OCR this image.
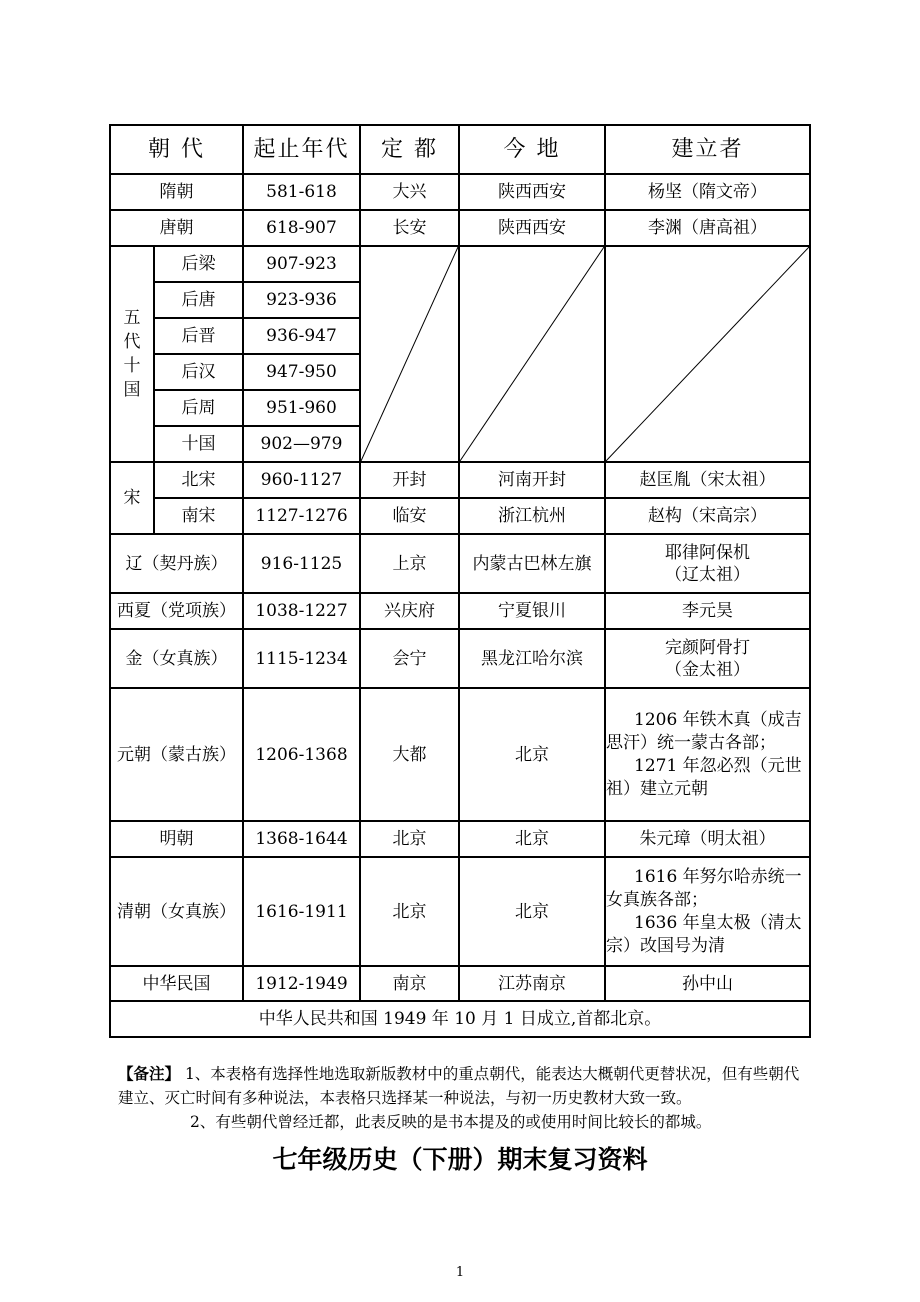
朝 代		起止年代	定 都	今 地	建立者
隋朝		581-618	大兴	陕西西安	杨坚（隋文帝）
唐朝		618-907	长安	陕西西安	李渊（唐高祖）
五代十国	后梁	907-923	

	后唐	923-936			
	后晋	936-947			
	后汉	947-950			
	后周	951-960			
	十国	902—979			
宋	北宋	960-1127	开封	河南开封	赵匡胤（宋太祖）
	南宋	1127-1276	临安	浙江杭州	赵构（宋高宗）
辽（契丹族）		916-1125	上京	内蒙古巴林左旗	耶律阿保机
（辽太祖）

西夏（党项族）		1038-1227	兴庆府	宁夏银川	李元昊
金（女真族）		1115-1234	会宁	黑龙江哈尔滨	完颜阿骨打
（金太祖）

元朝（蒙古族）		1206-1368	大都	北京	1206 年铁木真（成吉
思汗）统一蒙古各部；
1271 年忽必烈（元世
祖）建立元朝

明朝		1368-1644	北京	北京	朱元璋（明太祖）
清朝（女真族）		1616-1911	北京	北京	1616 年努尔哈赤统一
女真族各部；
1636 年皇太极（清太
宗）改国号为清

中华民国		1912-1949	南京	江苏南京	孙中山
中华人民共和国 1949 年 10 月 1 日成立,首都北京。					
【备注】 1、本表格有选择性地选取新版教材中的重点朝代，能表达大概朝代更替状况，但有些朝代建立、灭亡时间有多种说法，本表格只选择某一种说法，与初一历史教材大致一致。
2、有些朝代曾经迁都，此表反映的是书本提及的或使用时间比较长的都城。
七年级历史（下册）期末复习资料
1
